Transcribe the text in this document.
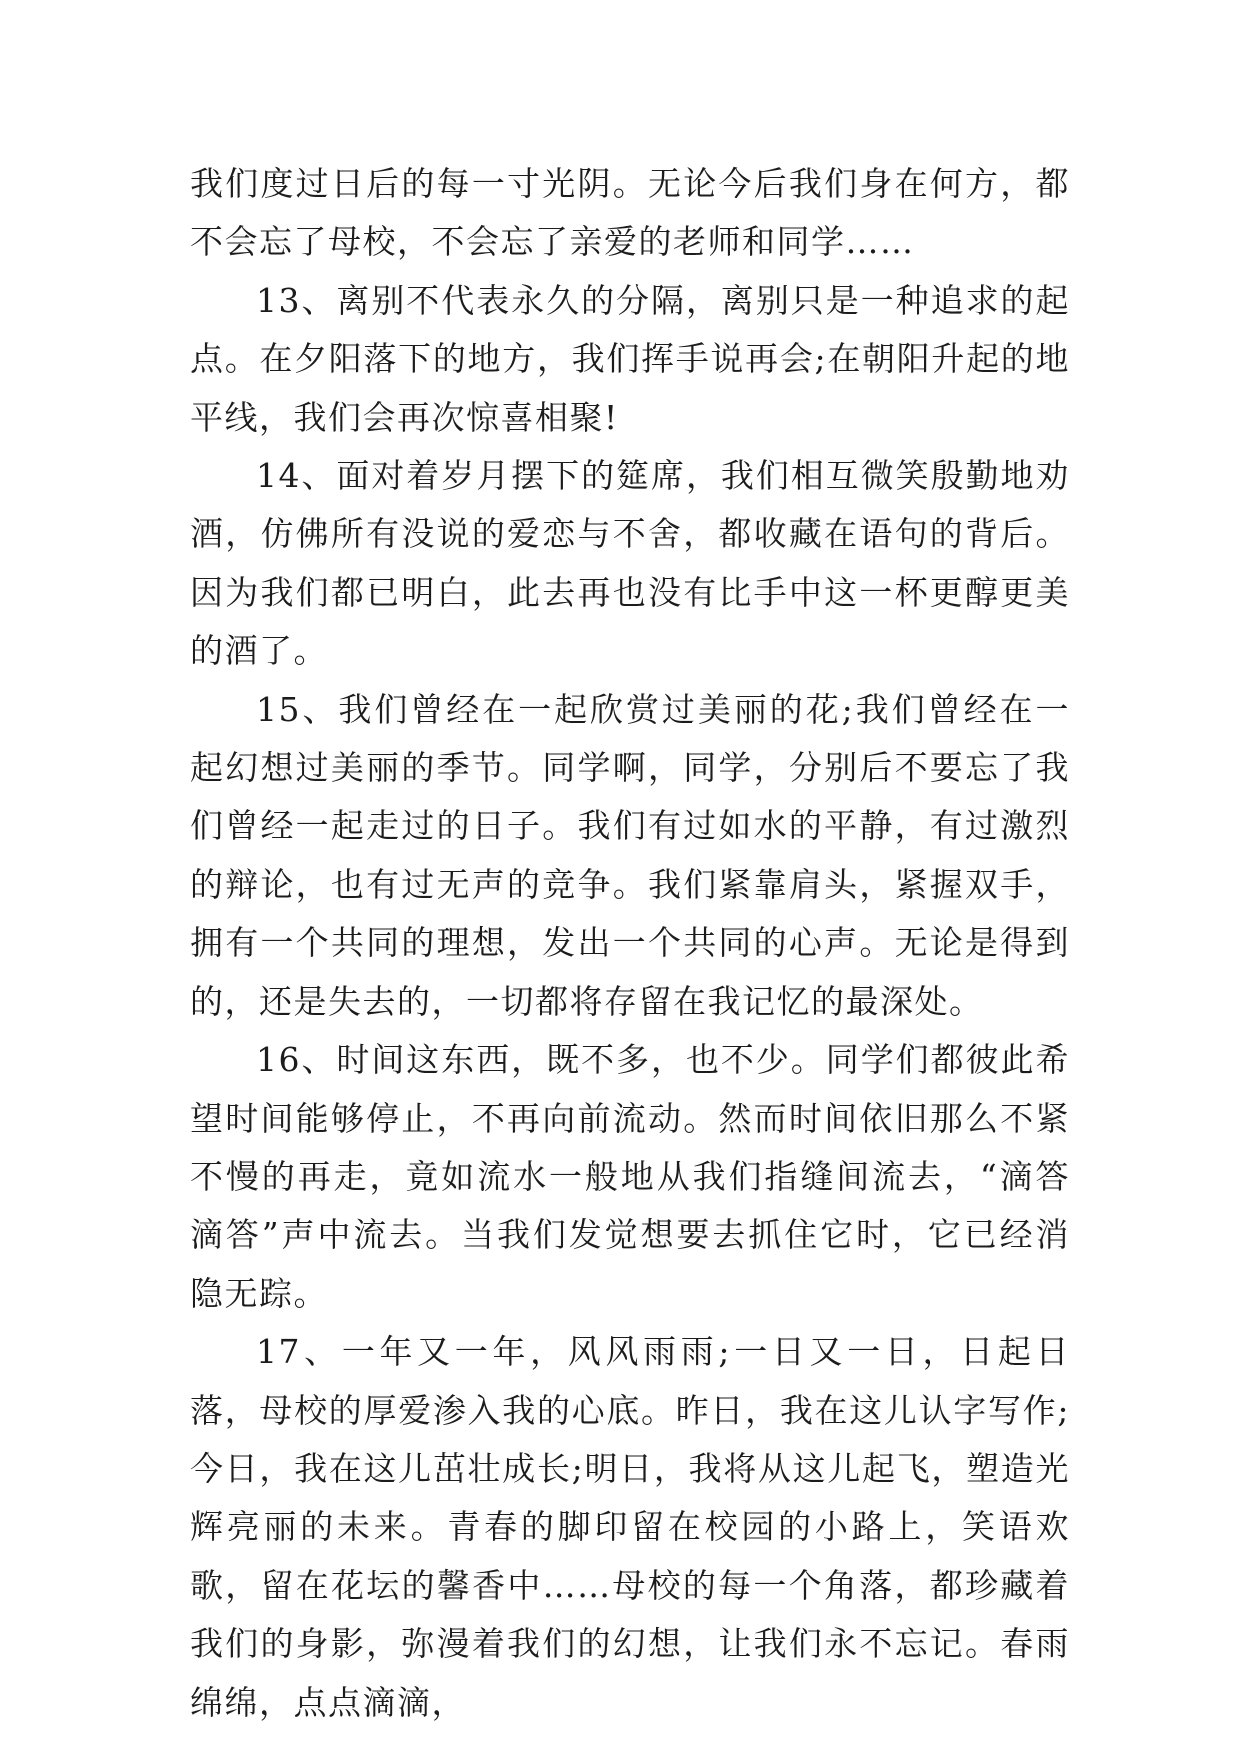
我们度过日后的每一寸光阴。无论今后我们身在何方，都不会忘了母校，不会忘了亲爱的老师和同学……

13、离别不代表永久的分隔，离别只是一种追求的起点。在夕阳落下的地方，我们挥手说再会;在朝阳升起的地平线，我们会再次惊喜相聚!

14、面对着岁月摆下的筵席，我们相互微笑殷勤地劝酒，仿佛所有没说的爱恋与不舍，都收藏在语句的背后。因为我们都已明白，此去再也没有比手中这一杯更醇更美的酒了。

15、我们曾经在一起欣赏过美丽的花;我们曾经在一起幻想过美丽的季节。同学啊，同学，分别后不要忘了我们曾经一起走过的日子。我们有过如水的平静，有过激烈的辩论，也有过无声的竞争。我们紧靠肩头，紧握双手，拥有一个共同的理想，发出一个共同的心声。无论是得到的，还是失去的，一切都将存留在我记忆的最深处。

16、时间这东西，既不多，也不少。同学们都彼此希望时间能够停止，不再向前流动。然而时间依旧那么不紧不慢的再走，竟如流水一般地从我们指缝间流去，“滴答滴答”声中流去。当我们发觉想要去抓住它时，它已经消隐无踪。

17、一年又一年，风风雨雨;一日又一日，日起日落，母校的厚爱渗入我的心底。昨日，我在这儿认字写作;今日，我在这儿茁壮成长;明日，我将从这儿起飞，塑造光辉亮丽的未来。青春的脚印留在校园的小路上，笑语欢歌，留在花坛的馨香中……母校的每一个角落，都珍藏着我们的身影，弥漫着我们的幻想，让我们永不忘记。春雨绵绵，点点滴滴，
